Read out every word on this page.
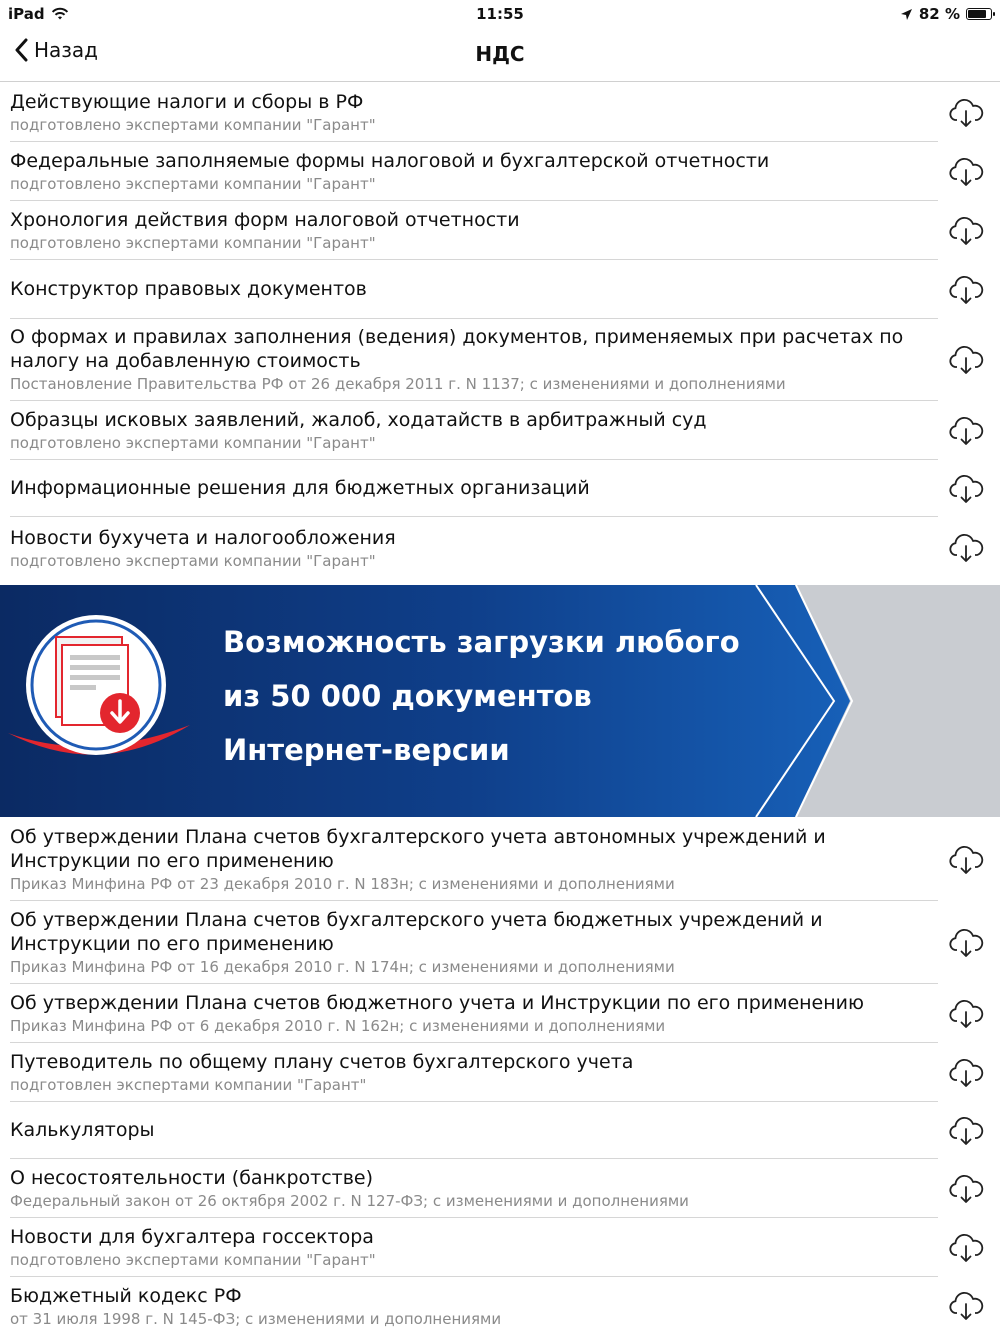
iPad	11:55	82 %
Назад	НДС
Действующие налоги и сборы в РФ
подготовлено экспертами компании "Гарант"
Федеральные заполняемые формы налоговой и бухгалтерской отчетности
подготовлено экспертами компании "Гарант"
Хронология действия форм налоговой отчетности
подготовлено экспертами компании "Гарант"
Конструктор правовых документов
О формах и правилах заполнения (ведения) документов, применяемых при расчетах по налогу на добавленную стоимость
Постановление Правительства РФ от 26 декабря 2011 г. N 1137; с изменениями и дополнениями
Образцы исковых заявлений, жалоб, ходатайств в арбитражный суд
подготовлено экспертами компании "Гарант"
Информационные решения для бюджетных организаций
Новости бухучета и налогообложения
подготовлено экспертами компании "Гарант"
Возможность загрузки любого
из 50 000 документов
Интернет-версии
Об утверждении Плана счетов бухгалтерского учета автономных учреждений и Инструкции по его применению
Приказ Минфина РФ от 23 декабря 2010 г. N 183н; с изменениями и дополнениями
Об утверждении Плана счетов бухгалтерского учета бюджетных учреждений и Инструкции по его применению
Приказ Минфина РФ от 16 декабря 2010 г. N 174н; с изменениями и дополнениями
Об утверждении Плана счетов бюджетного учета и Инструкции по его применению
Приказ Минфина РФ от 6 декабря 2010 г. N 162н; с изменениями и дополнениями
Путеводитель по общему плану счетов бухгалтерского учета
подготовлен экспертами компании "Гарант"
Калькуляторы
О несостоятельности (банкротстве)
Федеральный закон от 26 октября 2002 г. N 127-ФЗ; с изменениями и дополнениями
Новости для бухгалтера госсектора
подготовлено экспертами компании "Гарант"
Бюджетный кодекс РФ
от 31 июля 1998 г. N 145-ФЗ; с изменениями и дополнениями
